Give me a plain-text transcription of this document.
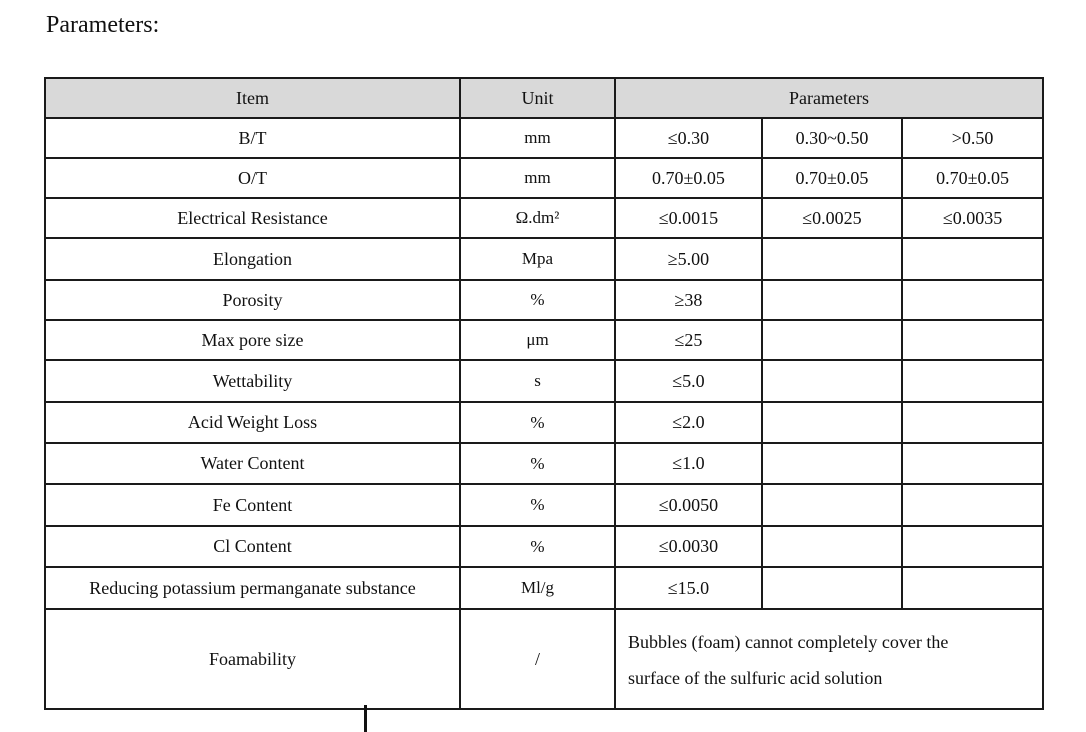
Parameters:
Item	Unit	Parameters		
B/T	mm	≤0.30	0.30~0.50	>0.50
O/T	mm	0.70±0.05	0.70±0.05	0.70±0.05
Electrical Resistance	Ω.dm²	≤0.0015	≤0.0025	≤0.0035
Elongation	Mpa	≥5.00		
Porosity	%	≥38		
Max pore size	μm	≤25		
Wettability	s	≤5.0		
Acid Weight Loss	%	≤2.0		
Water Content	%	≤1.0		
Fe Content	%	≤0.0050		
Cl Content	%	≤0.0030		
Reducing potassium permanganate substance	Ml/g	≤15.0		
Foamability	/	Bubbles (foam) cannot completely cover the
surface of the sulfuric acid solution		
